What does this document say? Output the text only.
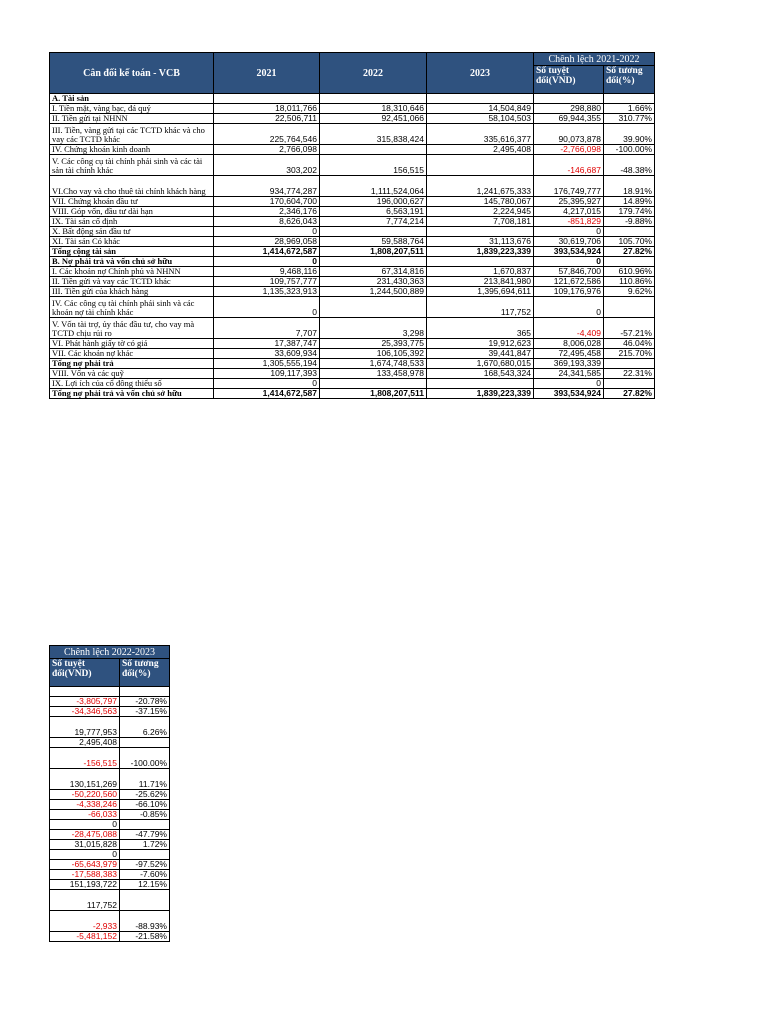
Cân đối kế toán - VCB	2021	2022	2023	Chênh lệch 2021-2022	
				Số tuyệt đối(VND)	Số tương đối(%)
A. Tài sản					
I. Tiền mặt, vàng bạc, đá quý	18,011,766	18,310,646	14,504,849	298,880	1.66%
II. Tiền gửi tại NHNN	22,506,711	92,451,066	58,104,503	69,944,355	310.77%
III. Tiền, vàng gửi tại các TCTD khác và cho vay các TCTD khác	225,764,546	315,838,424	335,616,377	90,073,878	39.90%
IV. Chứng khoán kinh doanh	2,766,098		2,495,408	-2,766,098	-100.00%
V. Các công cụ tài chính phái sinh và các tài sản tài chính khác	303,202	156,515		-146,687	-48.38%
VI.Cho vay và cho thuê tài chính khách hàng	934,774,287	1,111,524,064	1,241,675,333	176,749,777	18.91%
VII. Chứng khoán đầu tư	170,604,700	196,000,627	145,780,067	25,395,927	14.89%
VIII. Góp vốn, đầu tư dài hạn	2,346,176	6,563,191	2,224,945	4,217,015	179.74%
IX. Tài sản cố định	8,626,043	7,774,214	7,708,181	-851,829	-9.88%
X. Bất động sản đầu tư	0			0	
XI. Tài sản Có khác	28,969,058	59,588,764	31,113,676	30,619,706	105.70%
Tổng cộng tài sản	1,414,672,587	1,808,207,511	1,839,223,339	393,534,924	27.82%
B. Nợ phải trả và vốn chủ sở hữu	0			0	
I. Các khoản nợ Chính phủ và NHNN	9,468,116	67,314,816	1,670,837	57,846,700	610.96%
II. Tiền gửi và vay các TCTD khác	109,757,777	231,430,363	213,841,980	121,672,586	110.86%
III. Tiền gửi của khách hàng	1,135,323,913	1,244,500,889	1,395,694,611	109,176,976	9.62%
IV. Các công cụ tài chính phái sinh và các khoản nợ tài chính khác	0		117,752	0	
V. Vốn tài trợ, ủy thác đầu tư, cho vay mà TCTD chịu rủi ro	7,707	3,298	365	-4,409	-57.21%
VI. Phát hành giấy tờ có giá	17,387,747	25,393,775	19,912,623	8,006,028	46.04%
VII. Các khoản nợ khác	33,609,934	106,105,392	39,441,847	72,495,458	215.70%
Tổng nợ phải trả	1,305,555,194	1,674,748,533	1,670,680,015	369,193,339	
VIII. Vốn và các quỹ	109,117,393	133,458,978	168,543,324	24,341,585	22.31%
IX. Lợi ích của cổ đông thiểu số	0			0	
Tổng nợ phải trả và vốn chủ sở hữu	1,414,672,587	1,808,207,511	1,839,223,339	393,534,924	27.82%
Chênh lệch 2022-2023	
Số tuyệt đối(VND)	Số tương đối(%)

-3,805,797	-20.78%
-34,346,563	-37.15%
19,777,953	6.26%
2,495,408	
-156,515	-100.00%
130,151,269	11.71%
-50,220,560	-25.62%
-4,338,246	-66.10%
-66,033	-0.85%
0	
-28,475,088	-47.79%
31,015,828	1.72%
0	
-65,643,979	-97.52%
-17,588,383	-7.60%
151,193,722	12.15%
117,752	
-2,933	-88.93%
-5,481,152	-21.58%
